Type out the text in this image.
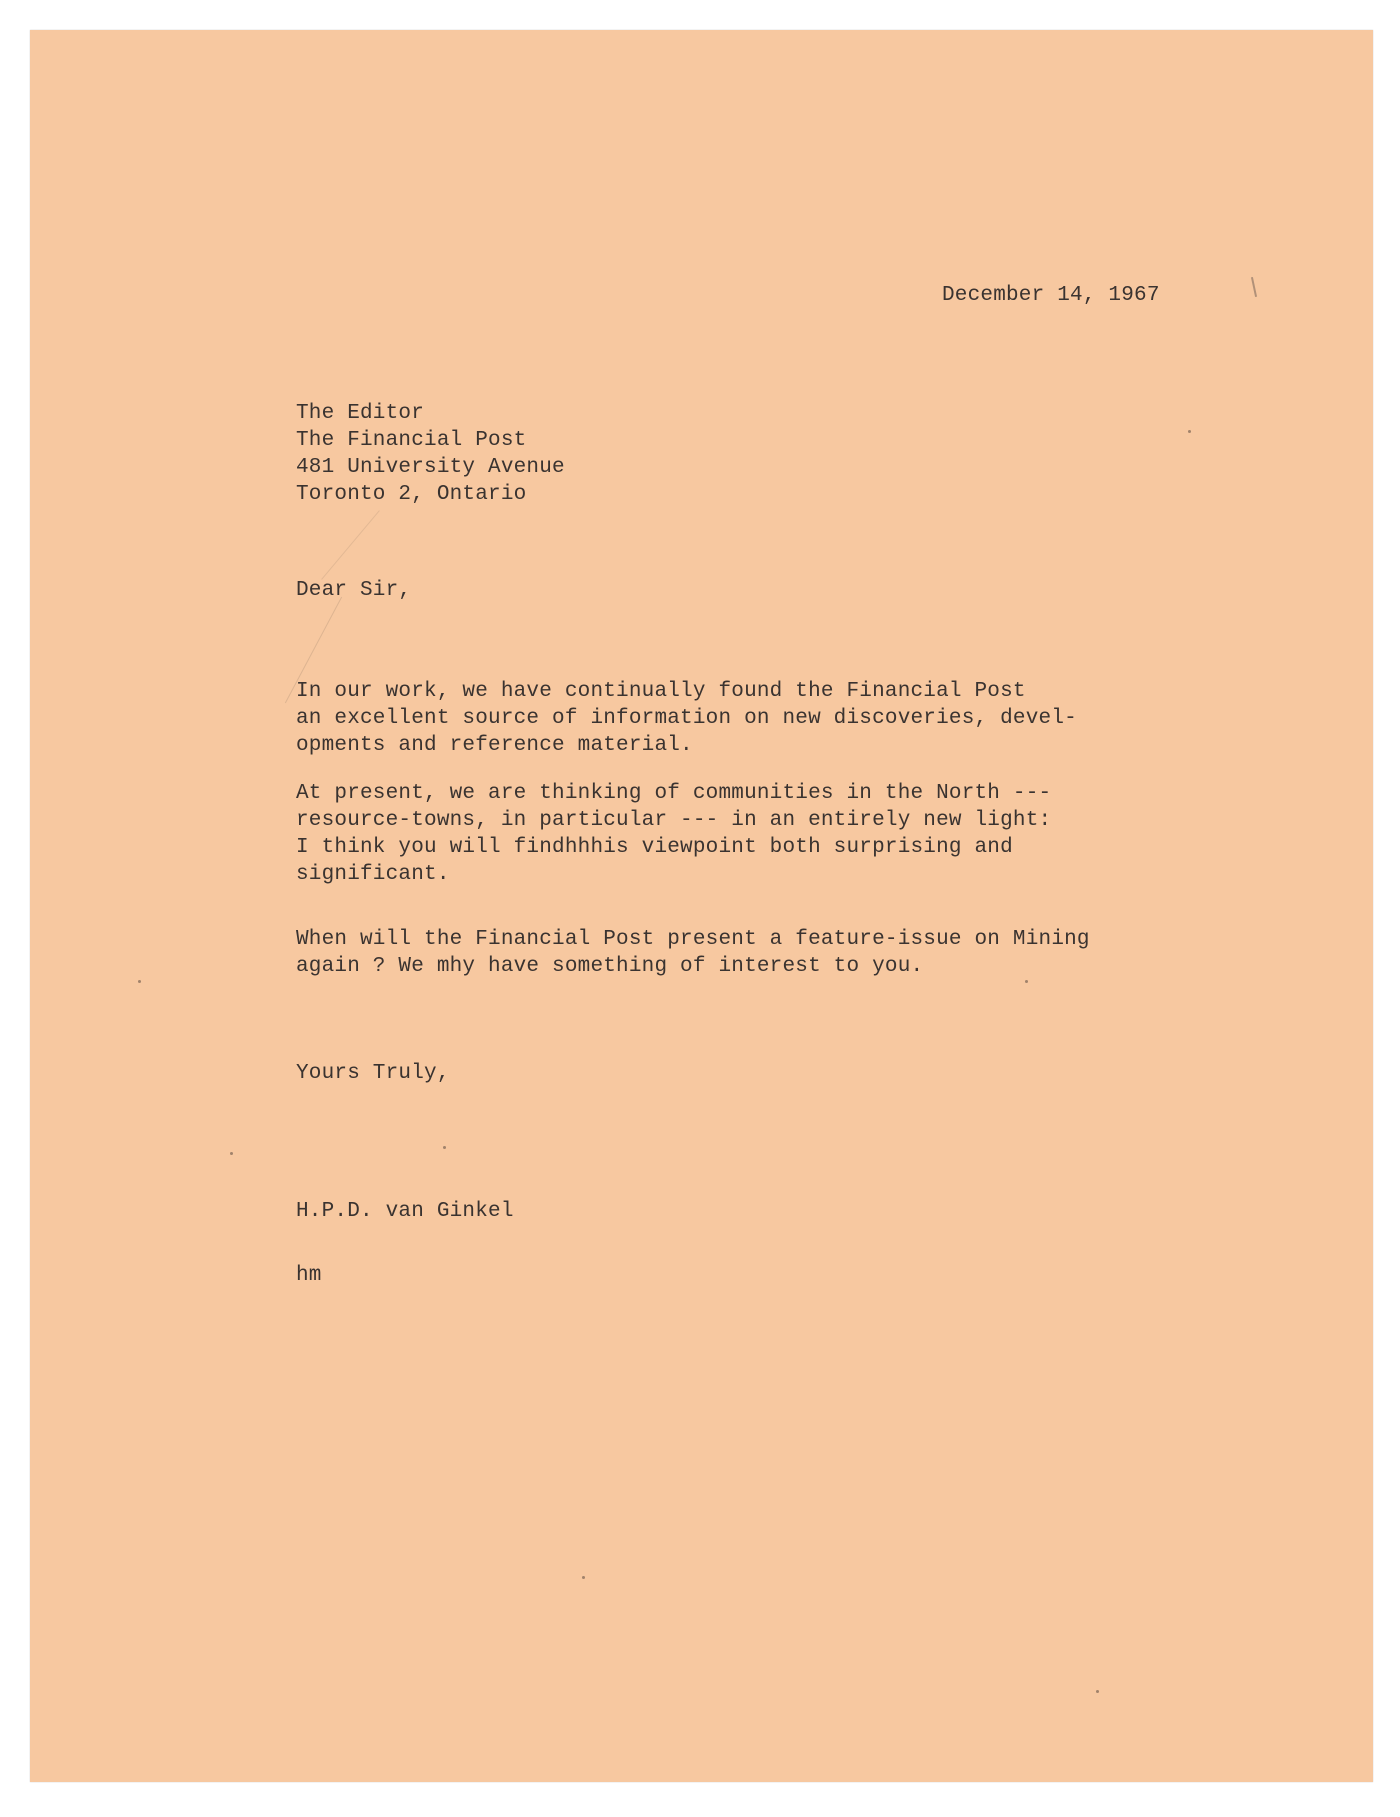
December 14, 1967
The Editor
The Financial Post
481 University Avenue
Toronto 2, Ontario
Dear Sir,
In our work, we have continually found the Financial Post
an excellent source of information on new discoveries, devel-
opments and reference material.
At present, we are thinking of communities in the North ---
resource-towns, in particular --- in an entirely new light:
I think you will findhhhis viewpoint both surprising and
significant.
When will the Financial Post present a feature-issue on Mining
again ? We mhy have something of interest to you.
Yours Truly,
H.P.D. van Ginkel
hm
